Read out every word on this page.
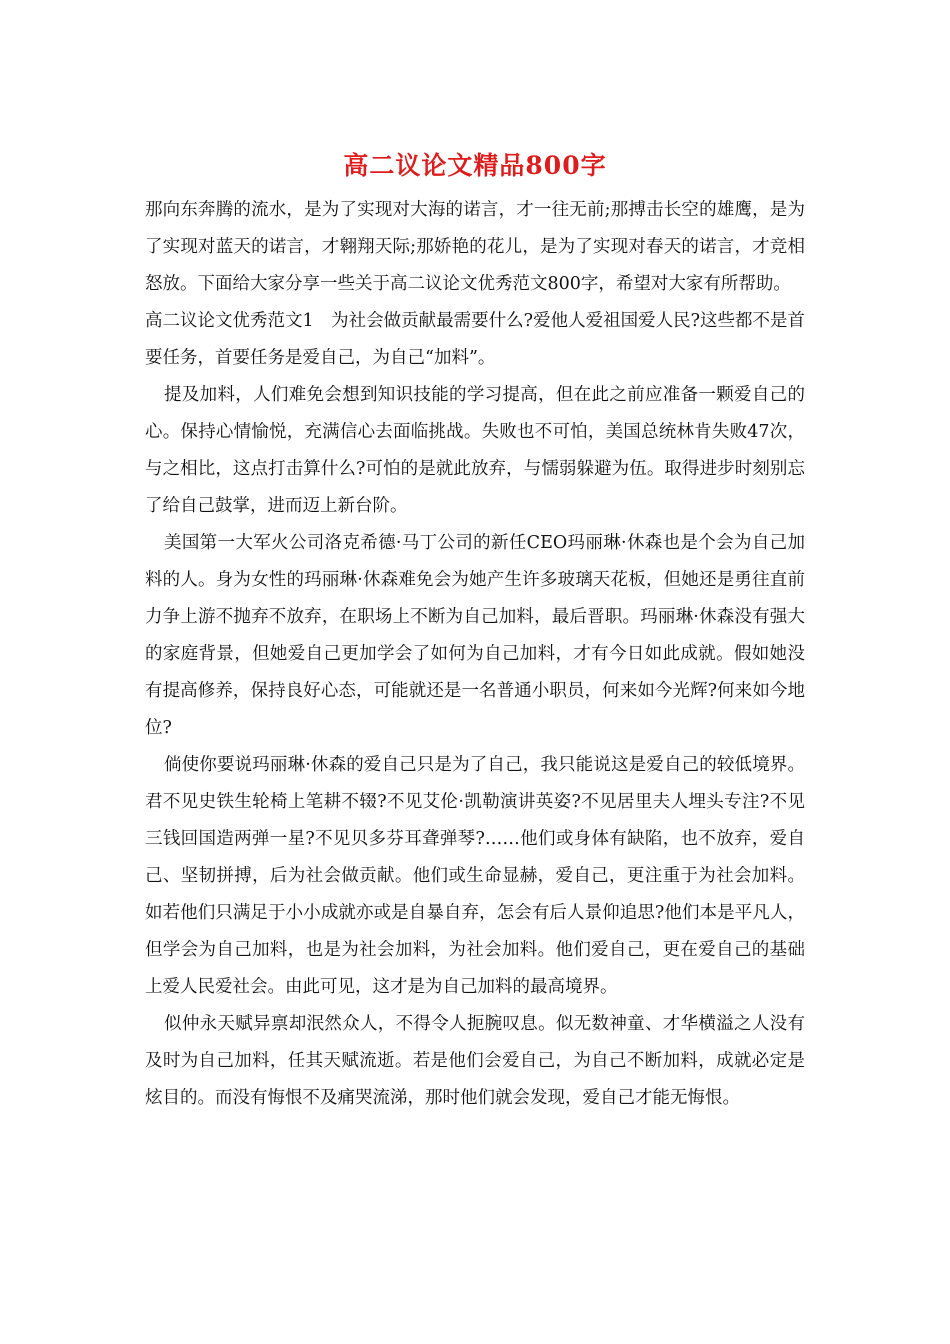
高二议论文精品800字

那向东奔腾的流水，是为了实现对大海的诺言，才一往无前;那搏击长空的雄鹰，是为了实现对蓝天的诺言，才翱翔天际;那娇艳的花儿，是为了实现对春天的诺言，才竞相怒放。下面给大家分享一些关于高二议论文优秀范文800字，希望对大家有所帮助。

高二议论文优秀范文1　为社会做贡献最需要什么?爱他人爱祖国爱人民?这些都不是首要任务，首要任务是爱自己，为自己“加料”。

提及加料，人们难免会想到知识技能的学习提高，但在此之前应准备一颗爱自己的心。保持心情愉悦，充满信心去面临挑战。失败也不可怕，美国总统林肯失败47次，与之相比，这点打击算什么?可怕的是就此放弃，与懦弱躲避为伍。取得进步时刻别忘了给自己鼓掌，进而迈上新台阶。

美国第一大军火公司洛克希德·马丁公司的新任CEO玛丽琳·休森也是个会为自己加料的人。身为女性的玛丽琳·休森难免会为她产生许多玻璃天花板，但她还是勇往直前力争上游不抛弃不放弃，在职场上不断为自己加料，最后晋职。玛丽琳·休森没有强大的家庭背景，但她爱自己更加学会了如何为自己加料，才有今日如此成就。假如她没有提高修养，保持良好心态，可能就还是一名普通小职员，何来如今光辉?何来如今地位?

倘使你要说玛丽琳·休森的爱自己只是为了自己，我只能说这是爱自己的较低境界。君不见史铁生轮椅上笔耕不辍?不见艾伦·凯勒演讲英姿?不见居里夫人埋头专注?不见三钱回国造两弹一星?不见贝多芬耳聋弹琴?……他们或身体有缺陷，也不放弃，爱自己、坚韧拼搏，后为社会做贡献。他们或生命显赫，爱自己，更注重于为社会加料。如若他们只满足于小小成就亦或是自暴自弃，怎会有后人景仰追思?他们本是平凡人，但学会为自己加料，也是为社会加料，为社会加料。他们爱自己，更在爱自己的基础上爱人民爱社会。由此可见，这才是为自己加料的最高境界。

似仲永天赋异禀却泯然众人，不得令人扼腕叹息。似无数神童、才华横溢之人没有及时为自己加料，任其天赋流逝。若是他们会爱自己，为自己不断加料，成就必定是炫目的。而没有悔恨不及痛哭流涕，那时他们就会发现，爱自己才能无悔恨。
